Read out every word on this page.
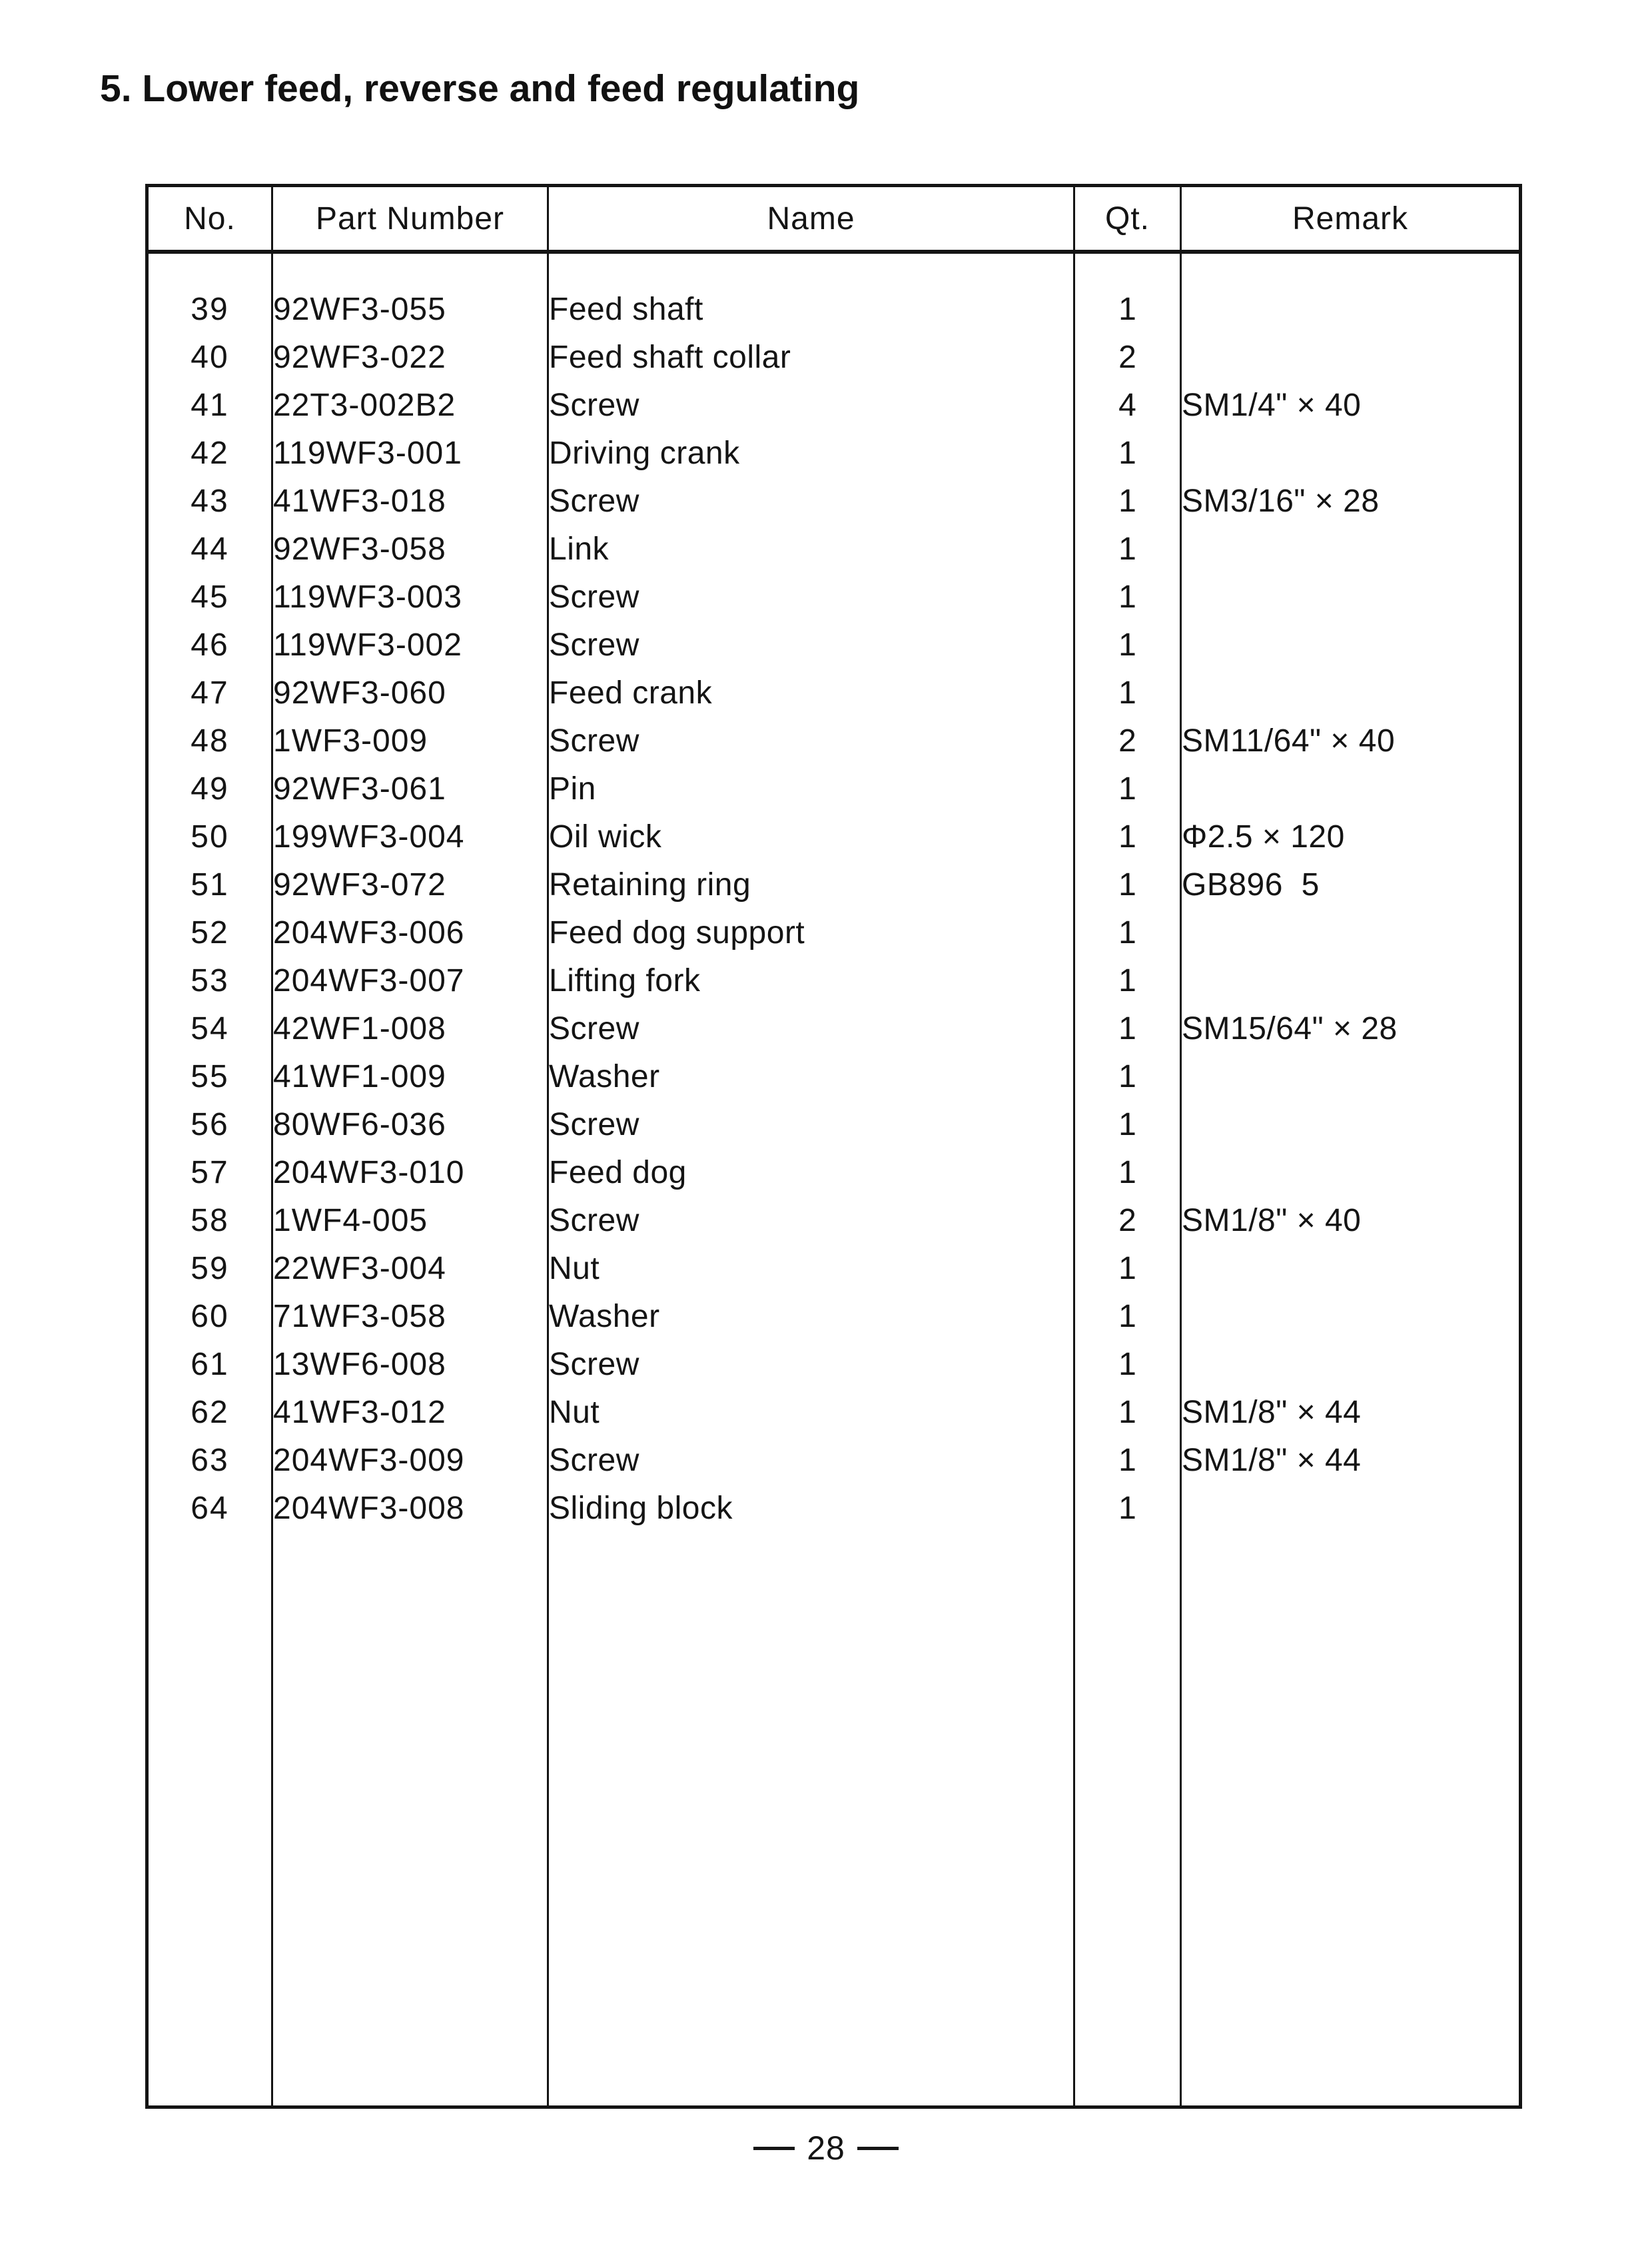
5. Lower feed, reverse and feed regulating
No.	Part Number	Name	Qt.	Remark

39	92WF3-055	Feed shaft	1	
40	92WF3-022	Feed shaft collar	2	
41	22T3-002B2	Screw	4	SM1/4" × 40
42	119WF3-001	Driving crank	1	
43	41WF3-018	Screw	1	SM3/16" × 28
44	92WF3-058	Link	1	
45	119WF3-003	Screw	1	
46	119WF3-002	Screw	1	
47	92WF3-060	Feed crank	1	
48	1WF3-009	Screw	2	SM11/64" × 40
49	92WF3-061	Pin	1	
50	199WF3-004	Oil wick	1	Φ2.5 × 120
51	92WF3-072	Retaining ring	1	GB896  5
52	204WF3-006	Feed dog support	1	
53	204WF3-007	Lifting fork	1	
54	42WF1-008	Screw	1	SM15/64" × 28
55	41WF1-009	Washer	1	
56	80WF6-036	Screw	1	
57	204WF3-010	Feed dog	1	
58	1WF4-005	Screw	2	SM1/8" × 40
59	22WF3-004	Nut	1	
60	71WF3-058	Washer	1	
61	13WF6-008	Screw	1	
62	41WF3-012	Nut	1	SM1/8" × 44
63	204WF3-009	Screw	1	SM1/8" × 44
64	204WF3-008	Sliding block	1	

28
